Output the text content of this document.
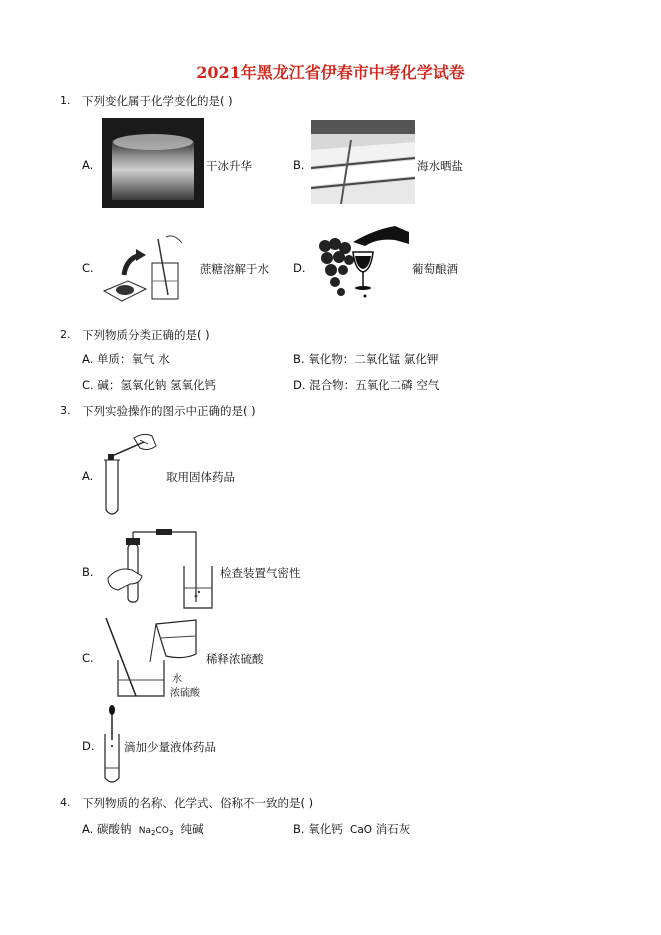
2021年黑龙江省伊春市中考化学试卷
1. 下列变化属于化学变化的是( )
A.	干冰升华	B.	海水晒盐
C.	蔗糖溶解于水 D.	葡萄酿酒
2. 下列物质分类正确的是( )
A. 单质：氧气 水	B. 氧化物：二氧化锰 氯化钾
C. 碱：氢氧化钠 氢氧化钙	D. 混合物：五氧化二磷 空气
3. 下列实验操作的图示中正确的是( )
A.	取用固体药品
B.	检查装置气密性
C.
水
浓硫酸
稀释浓硫酸
D.	滴加少量液体药品
4. 下列物质的名称、化学式、俗称不一致的是( )
A. 碳酸钠 $Na_2CO_3$ 纯碱	B. 氧化钙 CaO 消石灰
